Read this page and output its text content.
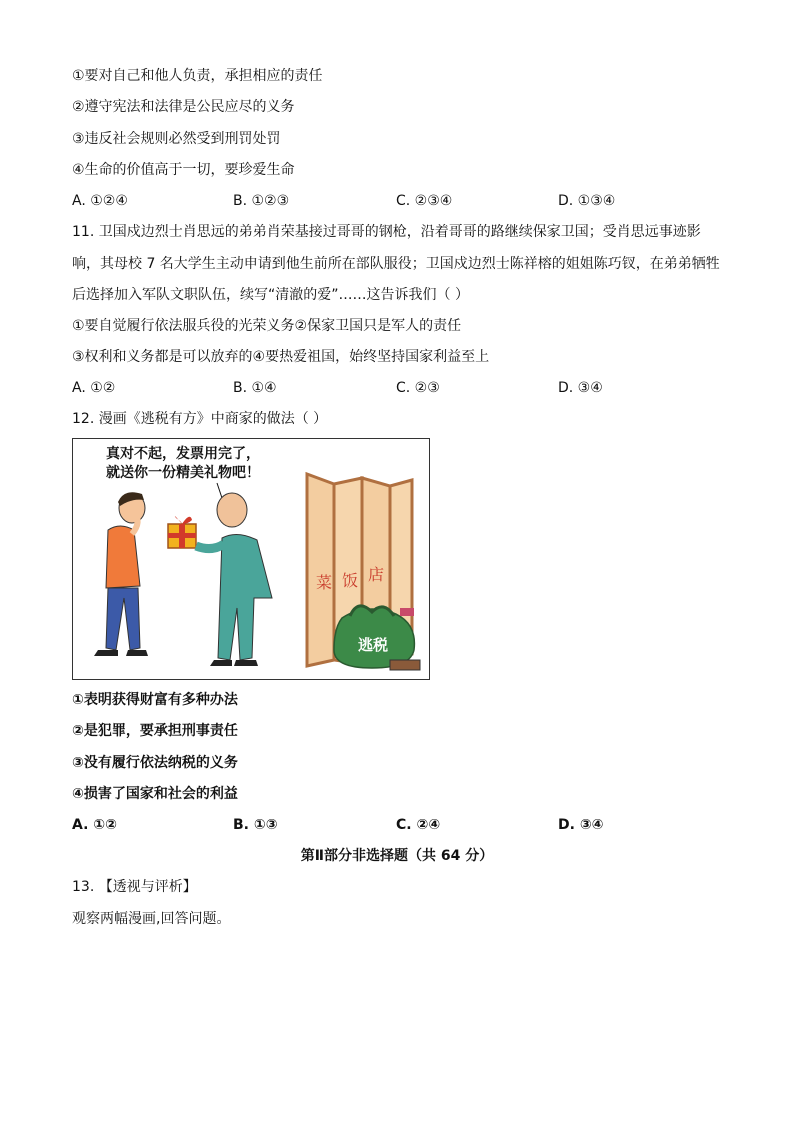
①要对自己和他人负责，承担相应的责任
②遵守宪法和法律是公民应尽的义务
③违反社会规则必然受到刑罚处罚
④生命的价值高于一切，要珍爱生命
A. ①②④	B. ①②③	C. ②③④	D. ①③④
11. 卫国戍边烈士肖思远的弟弟肖荣基接过哥哥的钢枪，沿着哥哥的路继续保家卫国；受肖思远事迹影
响，其母校 7 名大学生主动申请到他生前所在部队服役；卫国戍边烈士陈祥榕的姐姐陈巧钗，在弟弟牺牲
后选择加入军队文职队伍，续写“清澈的爱”……这告诉我们（ ）
①要自觉履行依法服兵役的光荣义务②保家卫国只是军人的责任
③权利和义务都是可以放弃的④要热爱祖国，始终坚持国家利益至上
A. ①②	B. ①④	C. ②③	D. ③④
12. 漫画《逃税有方》中商家的做法（ ）
真对不起，发票用完了，
就送你一份精美礼物吧！
菜 饭 店
逃税
①表明获得财富有多种办法
②是犯罪，要承担刑事责任
③没有履行依法纳税的义务
④损害了国家和社会的利益
A. ①②	B. ①③	C. ②④	D. ③④
第Ⅱ部分非选择题（共 64 分）
13. 【透视与评析】
观察两幅漫画,回答问题。
